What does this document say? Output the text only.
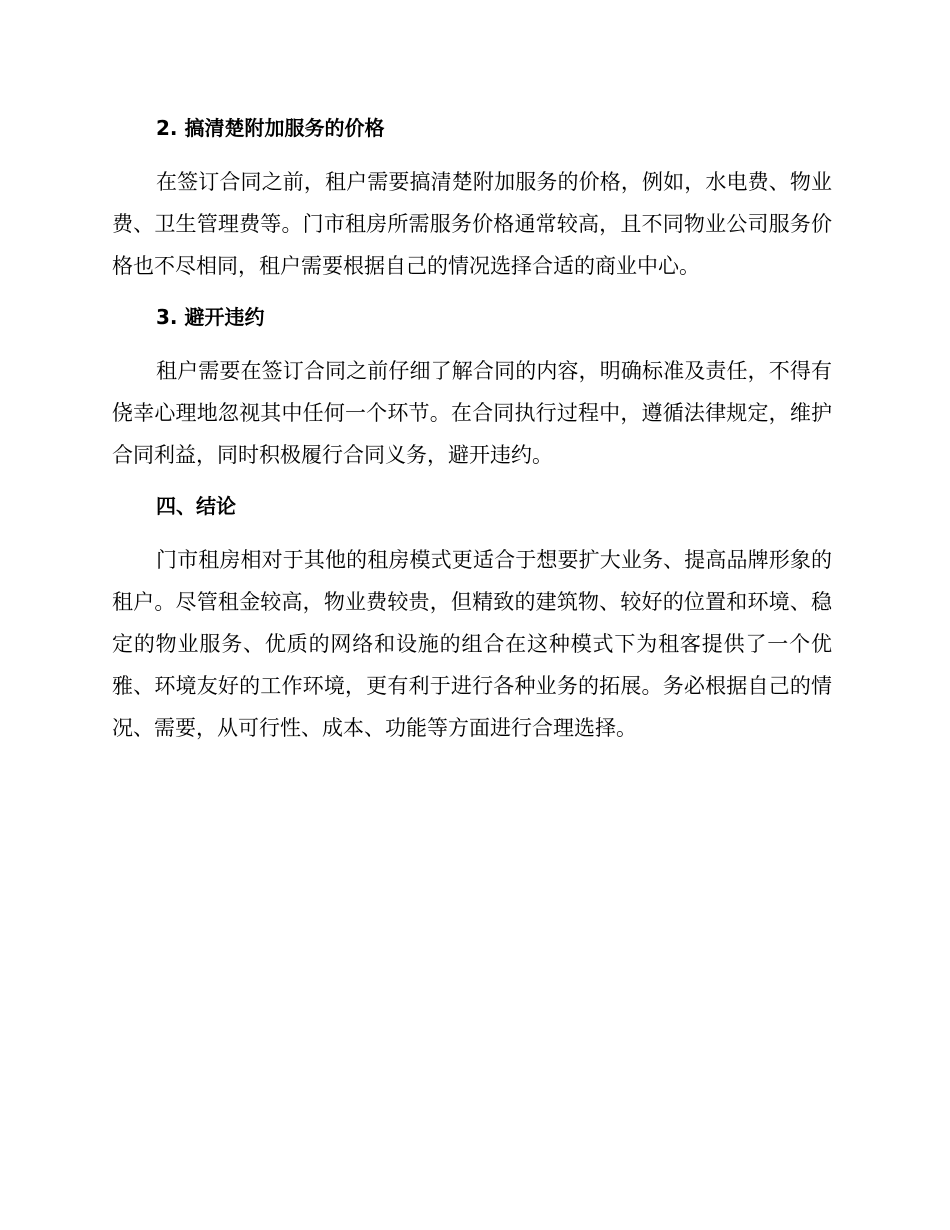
2. 搞清楚附加服务的价格

在签订合同之前，租户需要搞清楚附加服务的价格，例如，水电费、物业费、卫生管理费等。门市租房所需服务价格通常较高，且不同物业公司服务价格也不尽相同，租户需要根据自己的情况选择合适的商业中心。

3. 避开违约

租户需要在签订合同之前仔细了解合同的内容，明确标准及责任，不得有侥幸心理地忽视其中任何一个环节。在合同执行过程中，遵循法律规定，维护合同利益，同时积极履行合同义务，避开违约。

四、结论

门市租房相对于其他的租房模式更适合于想要扩大业务、提高品牌形象的租户。尽管租金较高，物业费较贵，但精致的建筑物、较好的位置和环境、稳定的物业服务、优质的网络和设施的组合在这种模式下为租客提供了一个优雅、环境友好的工作环境，更有利于进行各种业务的拓展。务必根据自己的情况、需要，从可行性、成本、功能等方面进行合理选择。
